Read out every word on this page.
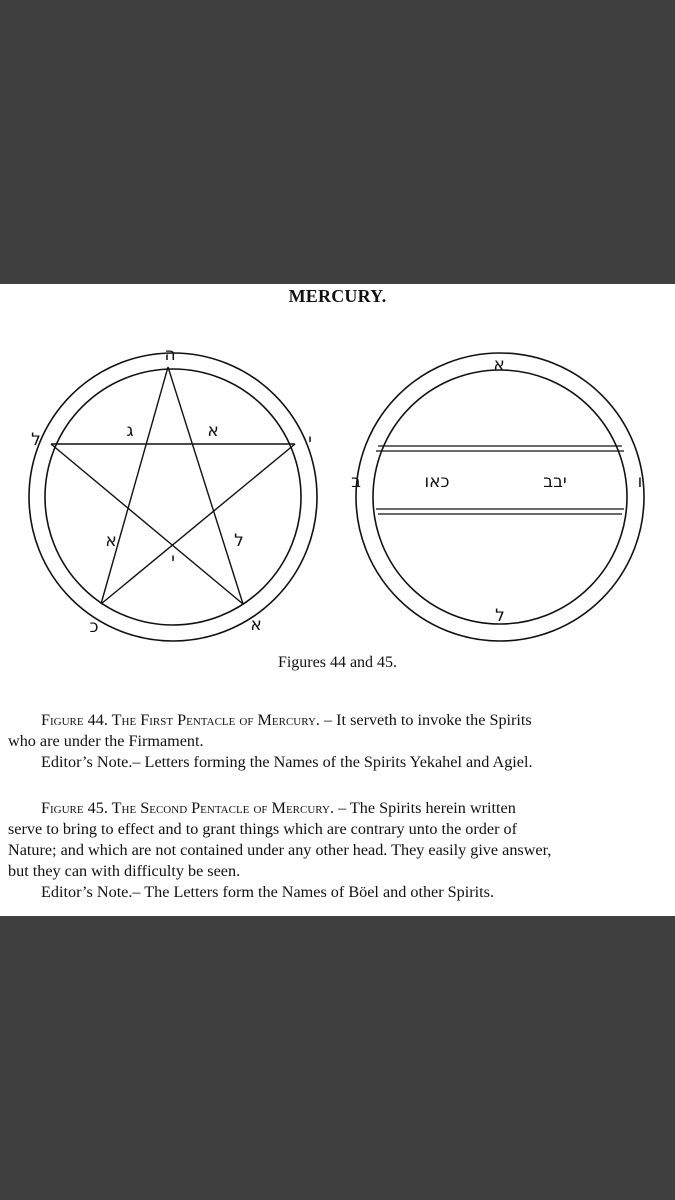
MERCURY.
ה
ל	י
כ	א
ג	א
א	ל
י
א
ב	ו
ל
כאו	יבב
Figures 44 and 45.
Figure 44. The First Pentacle of Mercury. – It serveth to invoke the Spirits
who are under the Firmament.
Editor’s Note.– Letters forming the Names of the Spirits Yekahel and Agiel.
Figure 45. The Second Pentacle of Mercury. – The Spirits herein written
serve to bring to effect and to grant things which are contrary unto the order of
Nature; and which are not contained under any other head. They easily give answer,
but they can with difficulty be seen.
Editor’s Note.– The Letters form the Names of Böel and other Spirits.
